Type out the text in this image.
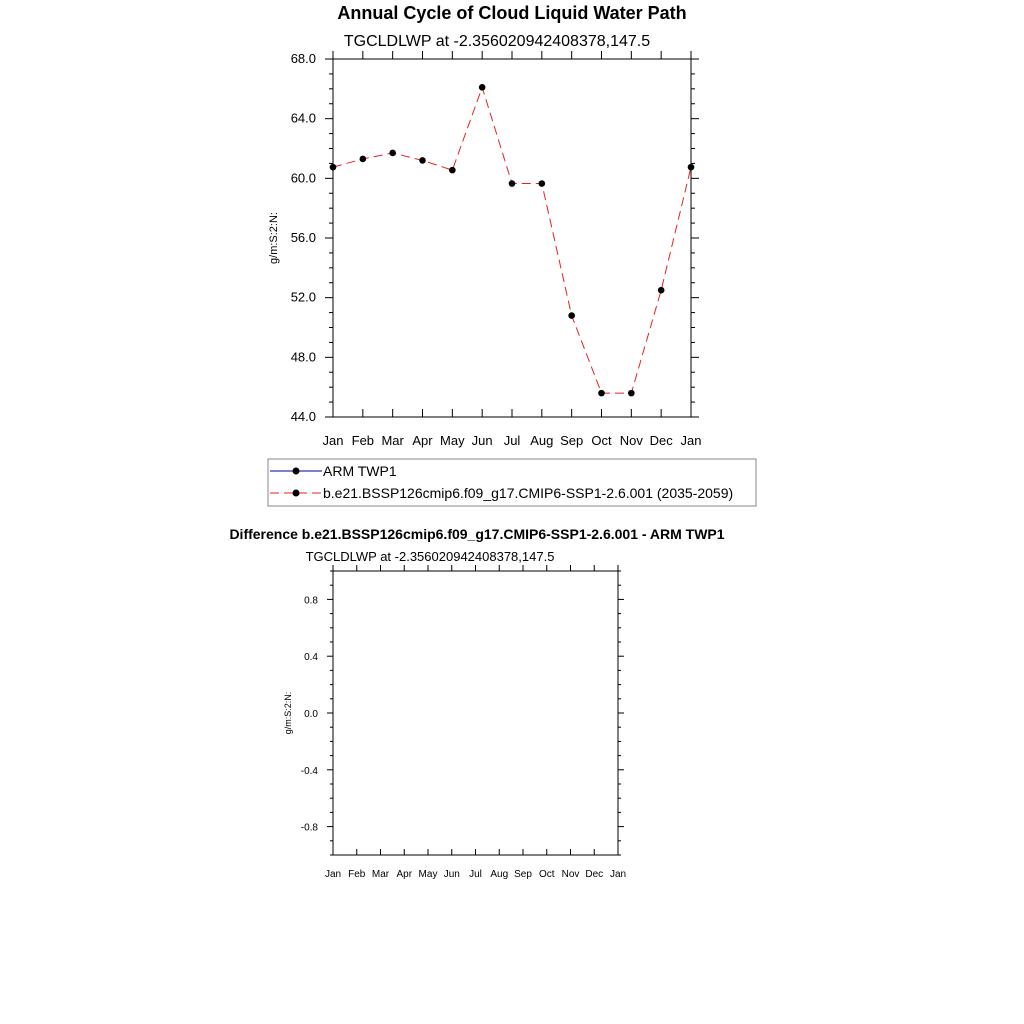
Annual Cycle of Cloud Liquid Water Path
TGCLDLWP at -2.356020942408378,147.5
44.0
48.0
52.0
56.0
60.0
64.0
68.0
Jan Feb Mar Apr May Jun Jul Aug Sep Oct Nov Dec Jan
g/m:S:2:N:
ARM TWP1
b.e21.BSSP126cmip6.f09_g17.CMIP6-SSP1-2.6.001 (2035-2059)
Difference b.e21.BSSP126cmip6.f09_g17.CMIP6-SSP1-2.6.001 - ARM TWP1
TGCLDLWP at -2.356020942408378,147.5
-0.8
-0.4
0.0
0.4
0.8
Jan Feb Mar Apr May Jun Jul Aug Sep Oct Nov Dec Jan
g/m:S:2:N:
